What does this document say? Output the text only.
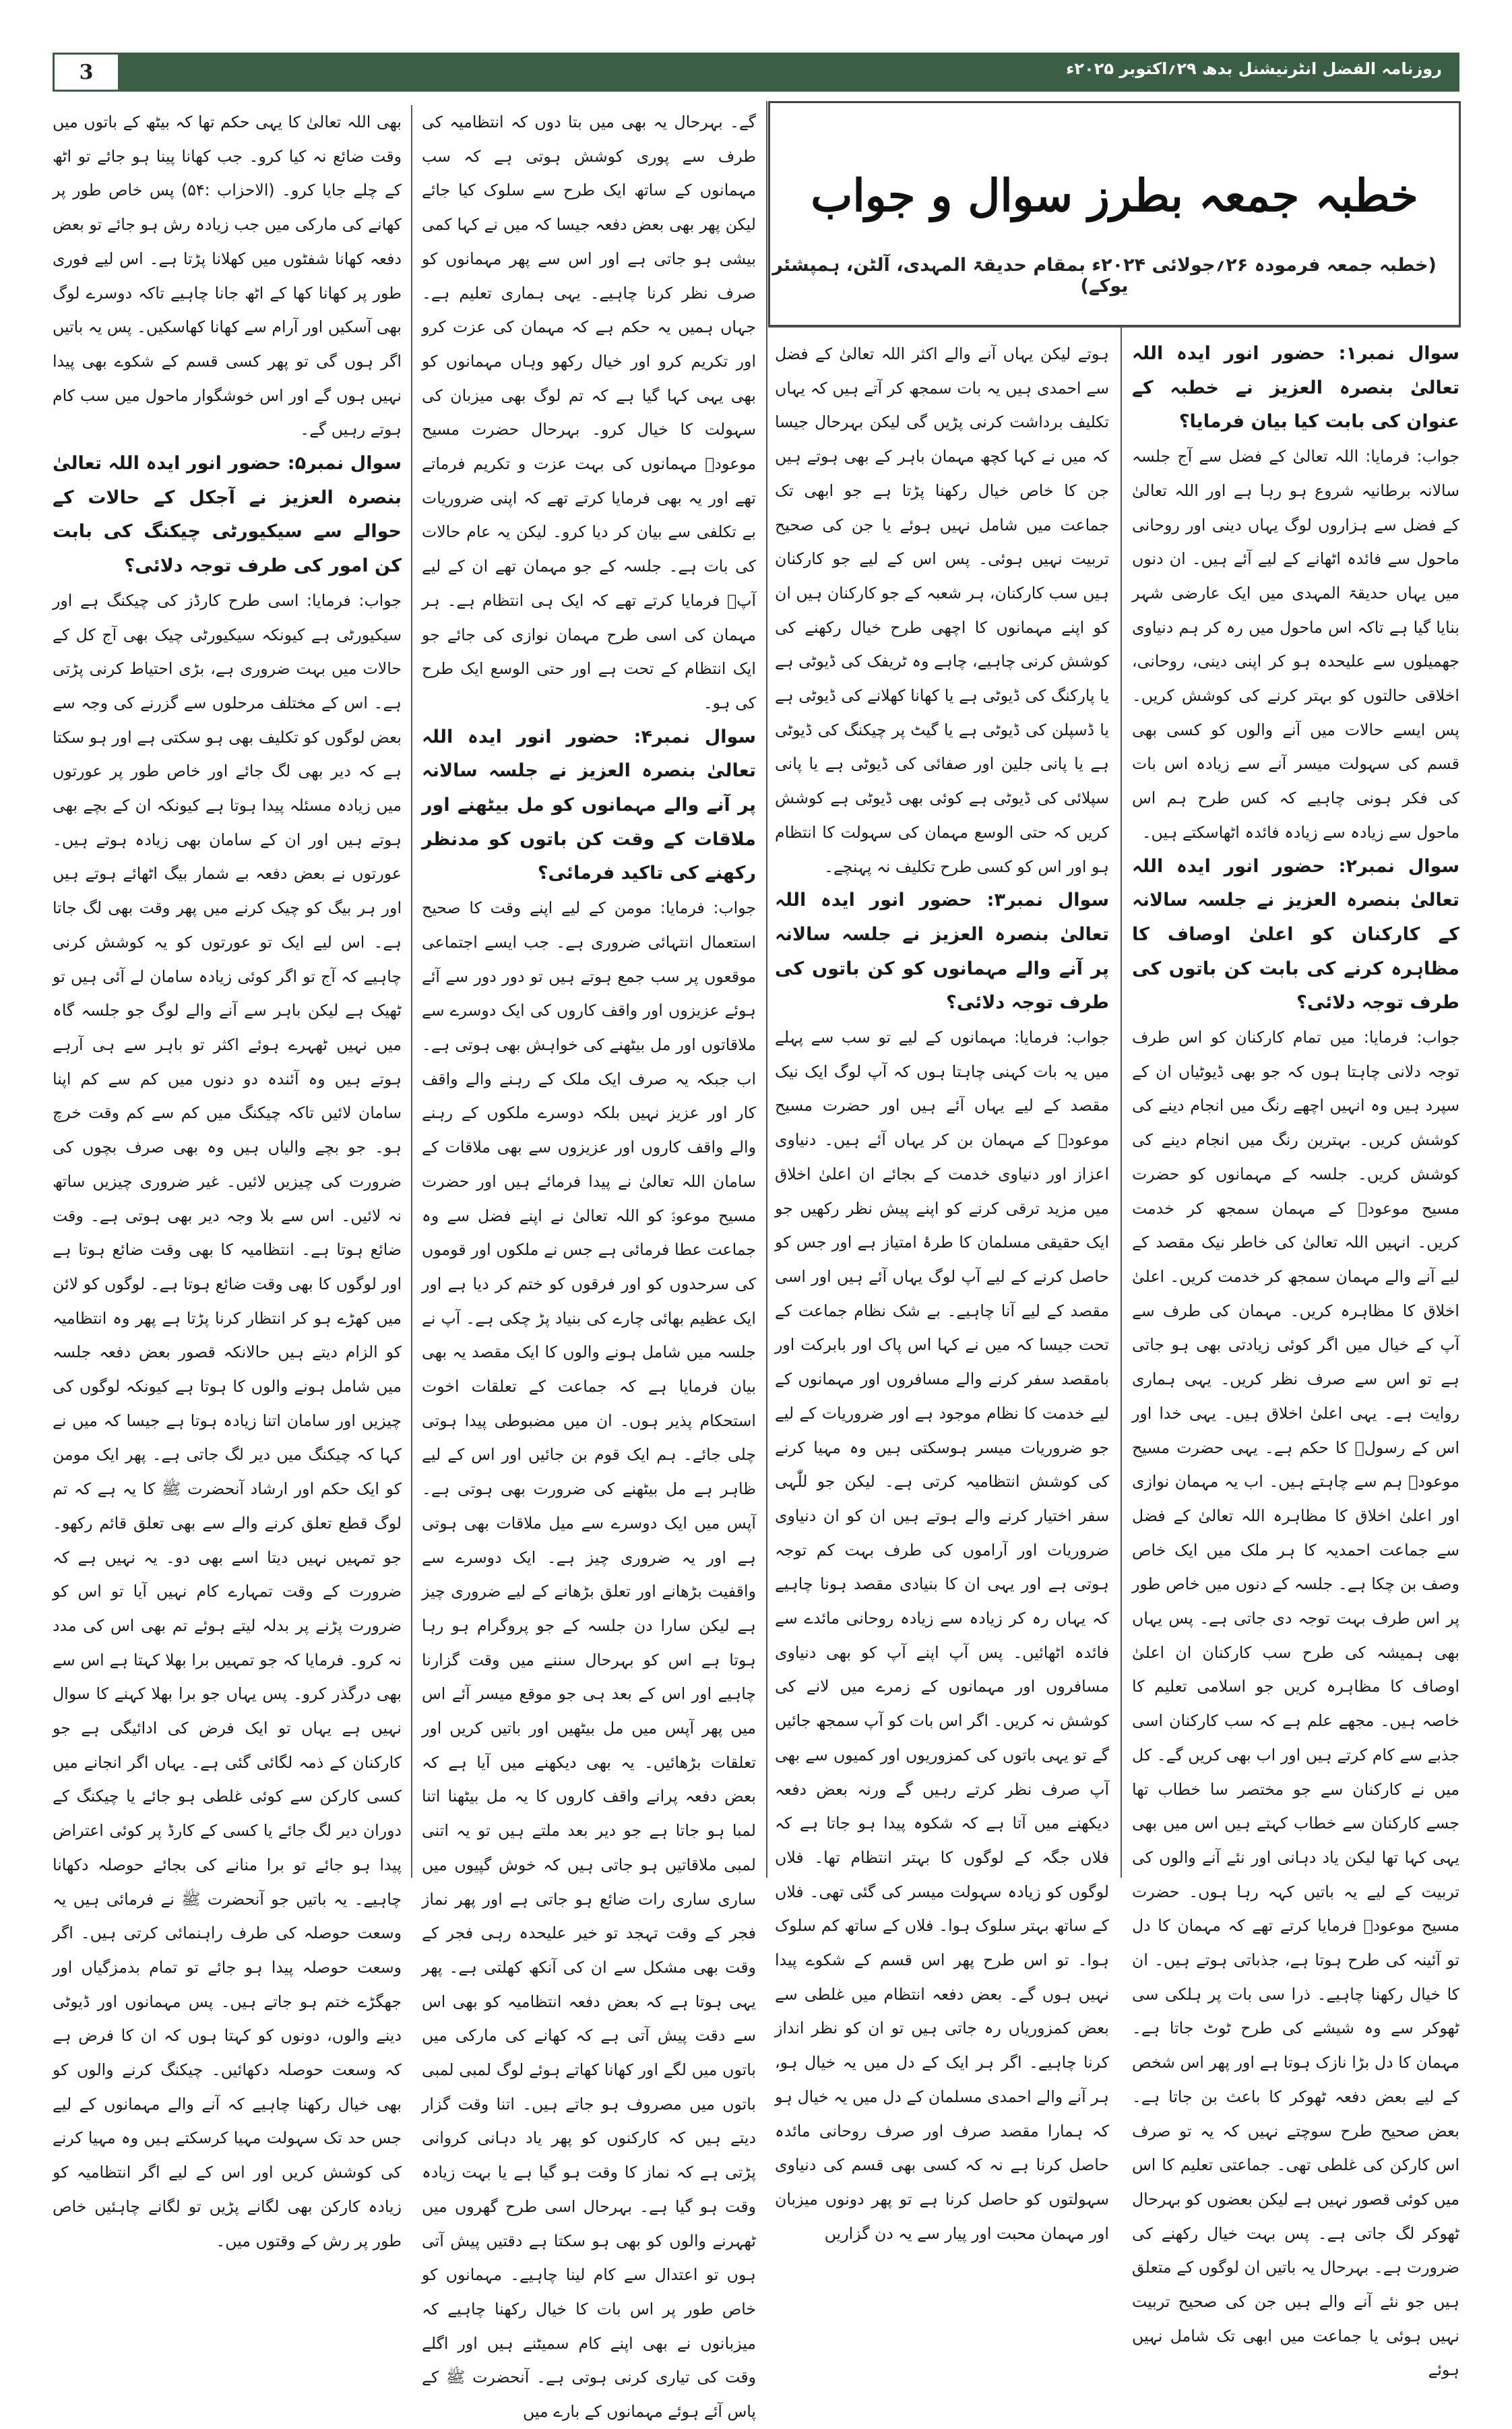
3	روزنامہ الفضل انٹرنیشنل بدھ ۲۹؍اکتوبر ۲۰۲۵ء
خطبہ جمعہ بطرز سوال و جواب
(خطبہ جمعہ فرمودہ ۲۶؍جولائی ۲۰۲۴ء بمقام حدیقۃ المہدی، آلٹن، ہمپشئر یوکے)

سوال نمبر۱: حضور انور ایدہ اللہ تعالیٰ بنصرہ العزیز نے خطبہ کے عنوان کی بابت کیا بیان فرمایا؟

جواب: فرمایا: اللہ تعالیٰ کے فضل سے آج جلسہ سالانہ برطانیہ شروع ہو رہا ہے اور اللہ تعالیٰ کے فضل سے ہزاروں لوگ یہاں دینی اور روحانی ماحول سے فائدہ اٹھانے کے لیے آئے ہیں۔ ان دنوں میں یہاں حدیقۃ المہدی میں ایک عارضی شہر بنایا گیا ہے تاکہ اس ماحول میں رہ کر ہم دنیاوی جھمیلوں سے علیحدہ ہو کر اپنی دینی، روحانی، اخلاقی حالتوں کو بہتر کرنے کی کوشش کریں۔ پس ایسے حالات میں آنے والوں کو کسی بھی قسم کی سہولت میسر آنے سے زیادہ اس بات کی فکر ہونی چاہیے کہ کس طرح ہم اس ماحول سے زیادہ سے زیادہ فائدہ اٹھاسکتے ہیں۔

سوال نمبر۲: حضور انور ایدہ اللہ تعالیٰ بنصرہ العزیز نے جلسہ سالانہ کے کارکنان کو اعلیٰ اوصاف کا مظاہرہ کرنے کی بابت کن باتوں کی طرف توجہ دلائی؟

جواب: فرمایا: میں تمام کارکنان کو اس طرف توجہ دلانی چاہتا ہوں کہ جو بھی ڈیوٹیاں ان کے سپرد ہیں وہ انہیں اچھے رنگ میں انجام دینے کی کوشش کریں۔ بہترین رنگ میں انجام دینے کی کوشش کریں۔ جلسہ کے مہمانوں کو حضرت مسیح موعودؑ کے مہمان سمجھ کر خدمت کریں۔ انہیں اللہ تعالیٰ کی خاطر نیک مقصد کے لیے آنے والے مہمان سمجھ کر خدمت کریں۔ اعلیٰ اخلاق کا مظاہرہ کریں۔ مہمان کی طرف سے آپ کے خیال میں اگر کوئی زیادتی بھی ہو جاتی ہے تو اس سے صرف نظر کریں۔ یہی ہماری روایت ہے۔ یہی اعلیٰ اخلاق ہیں۔ یہی خدا اور اس کے رسولؐ کا حکم ہے۔ یہی حضرت مسیح موعودؑ ہم سے چاہتے ہیں۔ اب یہ مہمان نوازی اور اعلیٰ اخلاق کا مظاہرہ اللہ تعالیٰ کے فضل سے جماعت احمدیہ کا ہر ملک میں ایک خاص وصف بن چکا ہے۔ جلسہ کے دنوں میں خاص طور پر اس طرف بہت توجہ دی جاتی ہے۔ پس یہاں بھی ہمیشہ کی طرح سب کارکنان ان اعلیٰ اوصاف کا مظاہرہ کریں جو اسلامی تعلیم کا خاصہ ہیں۔ مجھے علم ہے کہ سب کارکنان اسی جذبے سے کام کرتے ہیں اور اب بھی کریں گے۔ کل میں نے کارکنان سے جو مختصر سا خطاب تھا جسے کارکنان سے خطاب کہتے ہیں اس میں بھی یہی کہا تھا لیکن یاد دہانی اور نئے آنے والوں کی تربیت کے لیے یہ باتیں کہہ رہا ہوں۔ حضرت مسیح موعودؑ فرمایا کرتے تھے کہ مہمان کا دل تو آئینہ کی طرح ہوتا ہے، جذباتی ہوتے ہیں۔ ان کا خیال رکھنا چاہیے۔ ذرا سی بات پر ہلکی سی ٹھوکر سے وہ شیشے کی طرح ٹوٹ جاتا ہے۔ مہمان کا دل بڑا نازک ہوتا ہے اور پھر اس شخص کے لیے بعض دفعہ ٹھوکر کا باعث بن جاتا ہے۔ بعض صحیح طرح سوچتے نہیں کہ یہ تو صرف اس کارکن کی غلطی تھی۔ جماعتی تعلیم کا اس میں کوئی قصور نہیں ہے لیکن بعضوں کو بہرحال ٹھوکر لگ جاتی ہے۔ پس بہت خیال رکھنے کی ضرورت ہے۔ بہرحال یہ باتیں ان لوگوں کے متعلق ہیں جو نئے آنے والے ہیں جن کی صحیح تربیت نہیں ہوئی یا جماعت میں ابھی تک شامل نہیں ہوئے

ہوتے لیکن یہاں آنے والے اکثر اللہ تعالیٰ کے فضل سے احمدی ہیں یہ بات سمجھ کر آتے ہیں کہ یہاں تکلیف برداشت کرنی پڑیں گی لیکن بہرحال جیسا کہ میں نے کہا کچھ مہمان باہر کے بھی ہوتے ہیں جن کا خاص خیال رکھنا پڑتا ہے جو ابھی تک جماعت میں شامل نہیں ہوئے یا جن کی صحیح تربیت نہیں ہوئی۔ پس اس کے لیے جو کارکنان ہیں سب کارکنان، ہر شعبہ کے جو کارکنان ہیں ان کو اپنے مہمانوں کا اچھی طرح خیال رکھنے کی کوشش کرنی چاہیے، چاہے وہ ٹریفک کی ڈیوٹی ہے یا پارکنگ کی ڈیوٹی ہے یا کھانا کھلانے کی ڈیوٹی ہے یا ڈسپلن کی ڈیوٹی ہے یا گیٹ پر چیکنگ کی ڈیوٹی ہے یا پانی جلین اور صفائی کی ڈیوٹی ہے یا پانی سپلائی کی ڈیوٹی ہے کوئی بھی ڈیوٹی ہے کوشش کریں کہ حتی الوسع مہمان کی سہولت کا انتظام ہو اور اس کو کسی طرح تکلیف نہ پہنچے۔

سوال نمبر۳: حضور انور ایدہ اللہ تعالیٰ بنصرہ العزیز نے جلسہ سالانہ پر آنے والے مہمانوں کو کن باتوں کی طرف توجہ دلائی؟

جواب: فرمایا: مہمانوں کے لیے تو سب سے پہلے میں یہ بات کہنی چاہتا ہوں کہ آپ لوگ ایک نیک مقصد کے لیے یہاں آئے ہیں اور حضرت مسیح موعودؑ کے مہمان بن کر یہاں آئے ہیں۔ دنیاوی اعزاز اور دنیاوی خدمت کے بجائے ان اعلیٰ اخلاق میں مزید ترقی کرنے کو اپنے پیش نظر رکھیں جو ایک حقیقی مسلمان کا طرۂ امتیاز ہے اور جس کو حاصل کرنے کے لیے آپ لوگ یہاں آئے ہیں اور اسی مقصد کے لیے آنا چاہیے۔ بے شک نظام جماعت کے تحت جیسا کہ میں نے کہا اس پاک اور بابرکت اور بامقصد سفر کرنے والے مسافروں اور مہمانوں کے لیے خدمت کا نظام موجود ہے اور ضروریات کے لیے جو ضروریات میسر ہوسکتی ہیں وہ مہیا کرنے کی کوشش انتظامیہ کرتی ہے۔ لیکن جو للّٰہی سفر اختیار کرنے والے ہوتے ہیں ان کو ان دنیاوی ضروریات اور آراموں کی طرف بہت کم توجہ ہوتی ہے اور یہی ان کا بنیادی مقصد ہونا چاہیے کہ یہاں رہ کر زیادہ سے زیادہ روحانی مائدے سے فائدہ اٹھائیں۔ پس آپ اپنے آپ کو بھی دنیاوی مسافروں اور مہمانوں کے زمرے میں لانے کی کوشش نہ کریں۔ اگر اس بات کو آپ سمجھ جائیں گے تو یہی باتوں کی کمزوریوں اور کمیوں سے بھی آپ صرف نظر کرتے رہیں گے ورنہ بعض دفعہ دیکھنے میں آتا ہے کہ شکوہ پیدا ہو جاتا ہے کہ فلاں جگہ کے لوگوں کا بہتر انتظام تھا۔ فلاں لوگوں کو زیادہ سہولت میسر کی گئی تھی۔ فلاں کے ساتھ بہتر سلوک ہوا۔ فلاں کے ساتھ کم سلوک ہوا۔ تو اس طرح پھر اس قسم کے شکوے پیدا نہیں ہوں گے۔ بعض دفعہ انتظام میں غلطی سے بعض کمزوریاں رہ جاتی ہیں تو ان کو نظر انداز کرنا چاہیے۔ اگر ہر ایک کے دل میں یہ خیال ہو، ہر آنے والے احمدی مسلمان کے دل میں یہ خیال ہو کہ ہمارا مقصد صرف اور صرف روحانی مائدہ حاصل کرنا ہے نہ کہ کسی بھی قسم کی دنیاوی سہولتوں کو حاصل کرنا ہے تو پھر دونوں میزبان اور مہمان محبت اور پیار سے یہ دن گزاریں

گے۔ بہرحال یہ بھی میں بتا دوں کہ انتظامیہ کی طرف سے پوری کوشش ہوتی ہے کہ سب مہمانوں کے ساتھ ایک طرح سے سلوک کیا جائے لیکن پھر بھی بعض دفعہ جیسا کہ میں نے کہا کمی بیشی ہو جاتی ہے اور اس سے پھر مہمانوں کو صرف نظر کرنا چاہیے۔ یہی ہماری تعلیم ہے۔ جہاں ہمیں یہ حکم ہے کہ مہمان کی عزت کرو اور تکریم کرو اور خیال رکھو وہاں مہمانوں کو بھی یہی کہا گیا ہے کہ تم لوگ بھی میزبان کی سہولت کا خیال کرو۔ بہرحال حضرت مسیح موعودؑ مہمانوں کی بہت عزت و تکریم فرماتے تھے اور یہ بھی فرمایا کرتے تھے کہ اپنی ضروریات بے تکلفی سے بیان کر دیا کرو۔ لیکن یہ عام حالات کی بات ہے۔ جلسہ کے جو مہمان تھے ان کے لیے آپؑ فرمایا کرتے تھے کہ ایک ہی انتظام ہے۔ ہر مہمان کی اسی طرح مہمان نوازی کی جائے جو ایک انتظام کے تحت ہے اور حتی الوسع ایک طرح کی ہو۔

سوال نمبر۴: حضور انور ایدہ اللہ تعالیٰ بنصرہ العزیز نے جلسہ سالانہ پر آنے والے مہمانوں کو مل بیٹھنے اور ملاقات کے وقت کن باتوں کو مدنظر رکھنے کی تاکید فرمائی؟

جواب: فرمایا: مومن کے لیے اپنے وقت کا صحیح استعمال انتہائی ضروری ہے۔ جب ایسے اجتماعی موقعوں پر سب جمع ہوتے ہیں تو دور دور سے آئے ہوئے عزیزوں اور واقف کاروں کی ایک دوسرے سے ملاقاتوں اور مل بیٹھنے کی خواہش بھی ہوتی ہے۔ اب جبکہ یہ صرف ایک ملک کے رہنے والے واقف کار اور عزیز نہیں بلکہ دوسرے ملکوں کے رہنے والے واقف کاروں اور عزیزوں سے بھی ملاقات کے سامان اللہ تعالیٰ نے پیدا فرمائے ہیں اور حضرت مسیح موعودؑ کو اللہ تعالیٰ نے اپنے فضل سے وہ جماعت عطا فرمائی ہے جس نے ملکوں اور قوموں کی سرحدوں کو اور فرقوں کو ختم کر دیا ہے اور ایک عظیم بھائی چارے کی بنیاد پڑ چکی ہے۔ آپ نے جلسہ میں شامل ہونے والوں کا ایک مقصد یہ بھی بیان فرمایا ہے کہ جماعت کے تعلقات اخوت استحکام پذیر ہوں۔ ان میں مضبوطی پیدا ہوتی چلی جائے۔ ہم ایک قوم بن جائیں اور اس کے لیے ظاہر ہے مل بیٹھنے کی ضرورت بھی ہوتی ہے۔ آپس میں ایک دوسرے سے میل ملاقات بھی ہوتی ہے اور یہ ضروری چیز ہے۔ ایک دوسرے سے واقفیت بڑھانے اور تعلق بڑھانے کے لیے ضروری چیز ہے لیکن سارا دن جلسہ کے جو پروگرام ہو رہا ہوتا ہے اس کو بہرحال سننے میں وقت گزارنا چاہیے اور اس کے بعد ہی جو موقع میسر آئے اس میں پھر آپس میں مل بیٹھیں اور باتیں کریں اور تعلقات بڑھائیں۔ یہ بھی دیکھنے میں آیا ہے کہ بعض دفعہ پرانے واقف کاروں کا یہ مل بیٹھنا اتنا لمبا ہو جاتا ہے جو دیر بعد ملتے ہیں تو یہ اتنی لمبی ملاقاتیں ہو جاتی ہیں کہ خوش گپیوں میں ساری ساری رات ضائع ہو جاتی ہے اور پھر نماز فجر کے وقت تہجد تو خیر علیحدہ رہی فجر کے وقت بھی مشکل سے ان کی آنکھ کھلتی ہے۔ پھر یہی ہوتا ہے کہ بعض دفعہ انتظامیہ کو بھی اس سے دقت پیش آتی ہے کہ کھانے کی مارکی میں باتوں میں لگے اور کھانا کھاتے ہوئے لوگ لمبی لمبی باتوں میں مصروف ہو جاتے ہیں۔ اتنا وقت گزار دیتے ہیں کہ کارکنوں کو پھر یاد دہانی کروانی پڑتی ہے کہ نماز کا وقت ہو گیا ہے یا بہت زیادہ وقت ہو گیا ہے۔ بہرحال اسی طرح گھروں میں ٹھہرنے والوں کو بھی ہو سکتا ہے دقتیں پیش آتی ہوں تو اعتدال سے کام لینا چاہیے۔ مہمانوں کو خاص طور پر اس بات کا خیال رکھنا چاہیے کہ میزبانوں نے بھی اپنے کام سمیٹنے ہیں اور اگلے وقت کی تیاری کرنی ہوتی ہے۔ آنحضرت ﷺ کے پاس آئے ہوئے مہمانوں کے بارے میں

بھی اللہ تعالیٰ کا یہی حکم تھا کہ بیٹھ کے باتوں میں وقت ضائع نہ کیا کرو۔ جب کھانا پینا ہو جائے تو اٹھ کے چلے جایا کرو۔ (الاحزاب :۵۴) پس خاص طور پر کھانے کی مارکی میں جب زیادہ رش ہو جائے تو بعض دفعہ کھانا شفٹوں میں کھلانا پڑتا ہے۔ اس لیے فوری طور پر کھانا کھا کے اٹھ جانا چاہیے تاکہ دوسرے لوگ بھی آسکیں اور آرام سے کھانا کھاسکیں۔ پس یہ باتیں اگر ہوں گی تو پھر کسی قسم کے شکوے بھی پیدا نہیں ہوں گے اور اس خوشگوار ماحول میں سب کام ہوتے رہیں گے۔

سوال نمبر۵: حضور انور ایدہ اللہ تعالیٰ بنصرہ العزیز نے آجکل کے حالات کے حوالے سے سیکیورٹی چیکنگ کی بابت کن امور کی طرف توجہ دلائی؟

جواب: فرمایا: اسی طرح کارڈز کی چیکنگ ہے اور سیکیورٹی ہے کیونکہ سیکیورٹی چیک بھی آج کل کے حالات میں بہت ضروری ہے، بڑی احتیاط کرنی پڑتی ہے۔ اس کے مختلف مرحلوں سے گزرنے کی وجہ سے بعض لوگوں کو تکلیف بھی ہو سکتی ہے اور ہو سکتا ہے کہ دیر بھی لگ جائے اور خاص طور پر عورتوں میں زیادہ مسئلہ پیدا ہوتا ہے کیونکہ ان کے بچے بھی ہوتے ہیں اور ان کے سامان بھی زیادہ ہوتے ہیں۔ عورتوں نے بعض دفعہ بے شمار بیگ اٹھائے ہوتے ہیں اور ہر بیگ کو چیک کرنے میں پھر وقت بھی لگ جاتا ہے۔ اس لیے ایک تو عورتوں کو یہ کوشش کرنی چاہیے کہ آج تو اگر کوئی زیادہ سامان لے آئی ہیں تو ٹھیک ہے لیکن باہر سے آنے والے لوگ جو جلسہ گاہ میں نہیں ٹھہرے ہوئے اکثر تو باہر سے ہی آرہے ہوتے ہیں وہ آئندہ دو دنوں میں کم سے کم اپنا سامان لائیں تاکہ چیکنگ میں کم سے کم وقت خرچ ہو۔ جو بچے والیاں ہیں وہ بھی صرف بچوں کی ضرورت کی چیزیں لائیں۔ غیر ضروری چیزیں ساتھ نہ لائیں۔ اس سے بلا وجہ دیر بھی ہوتی ہے۔ وقت ضائع ہوتا ہے۔ انتظامیہ کا بھی وقت ضائع ہوتا ہے اور لوگوں کا بھی وقت ضائع ہوتا ہے۔ لوگوں کو لائن میں کھڑے ہو کر انتظار کرنا پڑتا ہے پھر وہ انتظامیہ کو الزام دیتے ہیں حالانکہ قصور بعض دفعہ جلسہ میں شامل ہونے والوں کا ہوتا ہے کیونکہ لوگوں کی چیزیں اور سامان اتنا زیادہ ہوتا ہے جیسا کہ میں نے کہا کہ چیکنگ میں دیر لگ جاتی ہے۔ پھر ایک مومن کو ایک حکم اور ارشاد آنحضرت ﷺ کا یہ ہے کہ تم لوگ قطع تعلق کرنے والے سے بھی تعلق قائم رکھو۔ جو تمہیں نہیں دیتا اسے بھی دو۔ یہ نہیں ہے کہ ضرورت کے وقت تمہارے کام نہیں آیا تو اس کو ضرورت پڑنے پر بدلہ لیتے ہوئے تم بھی اس کی مدد نہ کرو۔ فرمایا کہ جو تمہیں برا بھلا کہتا ہے اس سے بھی درگذر کرو۔ پس یہاں جو برا بھلا کہنے کا سوال نہیں ہے یہاں تو ایک فرض کی ادائیگی ہے جو کارکنان کے ذمہ لگائی گئی ہے۔ یہاں اگر انجانے میں کسی کارکن سے کوئی غلطی ہو جائے یا چیکنگ کے دوران دیر لگ جائے یا کسی کے کارڈ پر کوئی اعتراض پیدا ہو جائے تو برا منانے کی بجائے حوصلہ دکھانا چاہیے۔ یہ باتیں جو آنحضرت ﷺ نے فرمائی ہیں یہ وسعت حوصلہ کی طرف راہنمائی کرتی ہیں۔ اگر وسعت حوصلہ پیدا ہو جائے تو تمام بدمزگیاں اور جھگڑے ختم ہو جاتے ہیں۔ پس مہمانوں اور ڈیوٹی دینے والوں، دونوں کو کہتا ہوں کہ ان کا فرض ہے کہ وسعت حوصلہ دکھائیں۔ چیکنگ کرنے والوں کو بھی خیال رکھنا چاہیے کہ آنے والے مہمانوں کے لیے جس حد تک سہولت مہیا کرسکتے ہیں وہ مہیا کرنے کی کوشش کریں اور اس کے لیے اگر انتظامیہ کو زیادہ کارکن بھی لگانے پڑیں تو لگانے چاہئیں خاص طور پر رش کے وقتوں میں۔
